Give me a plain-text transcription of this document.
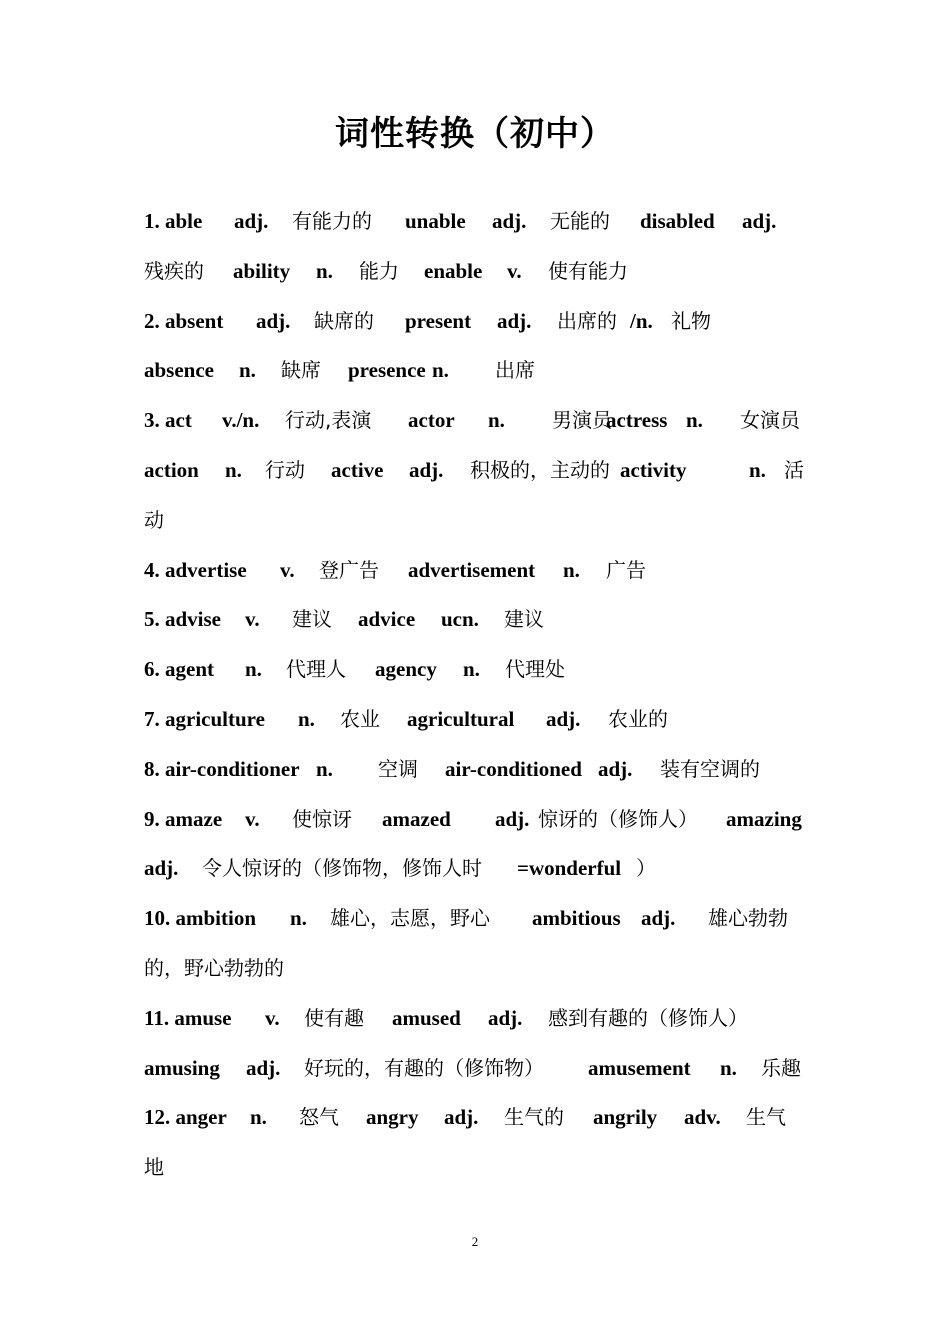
词性转换（初中）
1. able adj. 有能力的 unable adj. 无能的 disabled adj.
残疾的 ability n. 能力 enable v. 使有能力
2. absent adj. 缺席的 present adj. 出席的 /n. 礼物
absence n. 缺席 presence n. 出席
3. act v./n. 行动,表演 actor n. 男演员
actress n. 女演员
action n. 行动 active adj. 积极的，主动的 activity	n. 活
动
4. advertise v. 登广告 advertisement n. 广告
5. advise v. 建议 advice ucn. 建议
6. agent n. 代理人 agency n. 代理处
7. agriculture n. 农业 agricultural adj. 农业的
8. air-conditioner n. 空调 air-conditioned adj. 装有空调的
9. amaze v. 使惊讶 amazed adj. 惊讶的（修饰人） amazing
adj. 令人惊讶的（修饰物，修饰人时 =wonderful ）
10. ambition n. 雄心，志愿，野心 ambitious adj. 雄心勃勃
的，野心勃勃的
11. amuse v. 使有趣 amused adj. 感到有趣的（修饰人）
amusing adj. 好玩的，有趣的（修饰物） amusement n. 乐趣
12. anger n. 怒气 angry adj. 生气的 angrily adv. 生气
地
2
